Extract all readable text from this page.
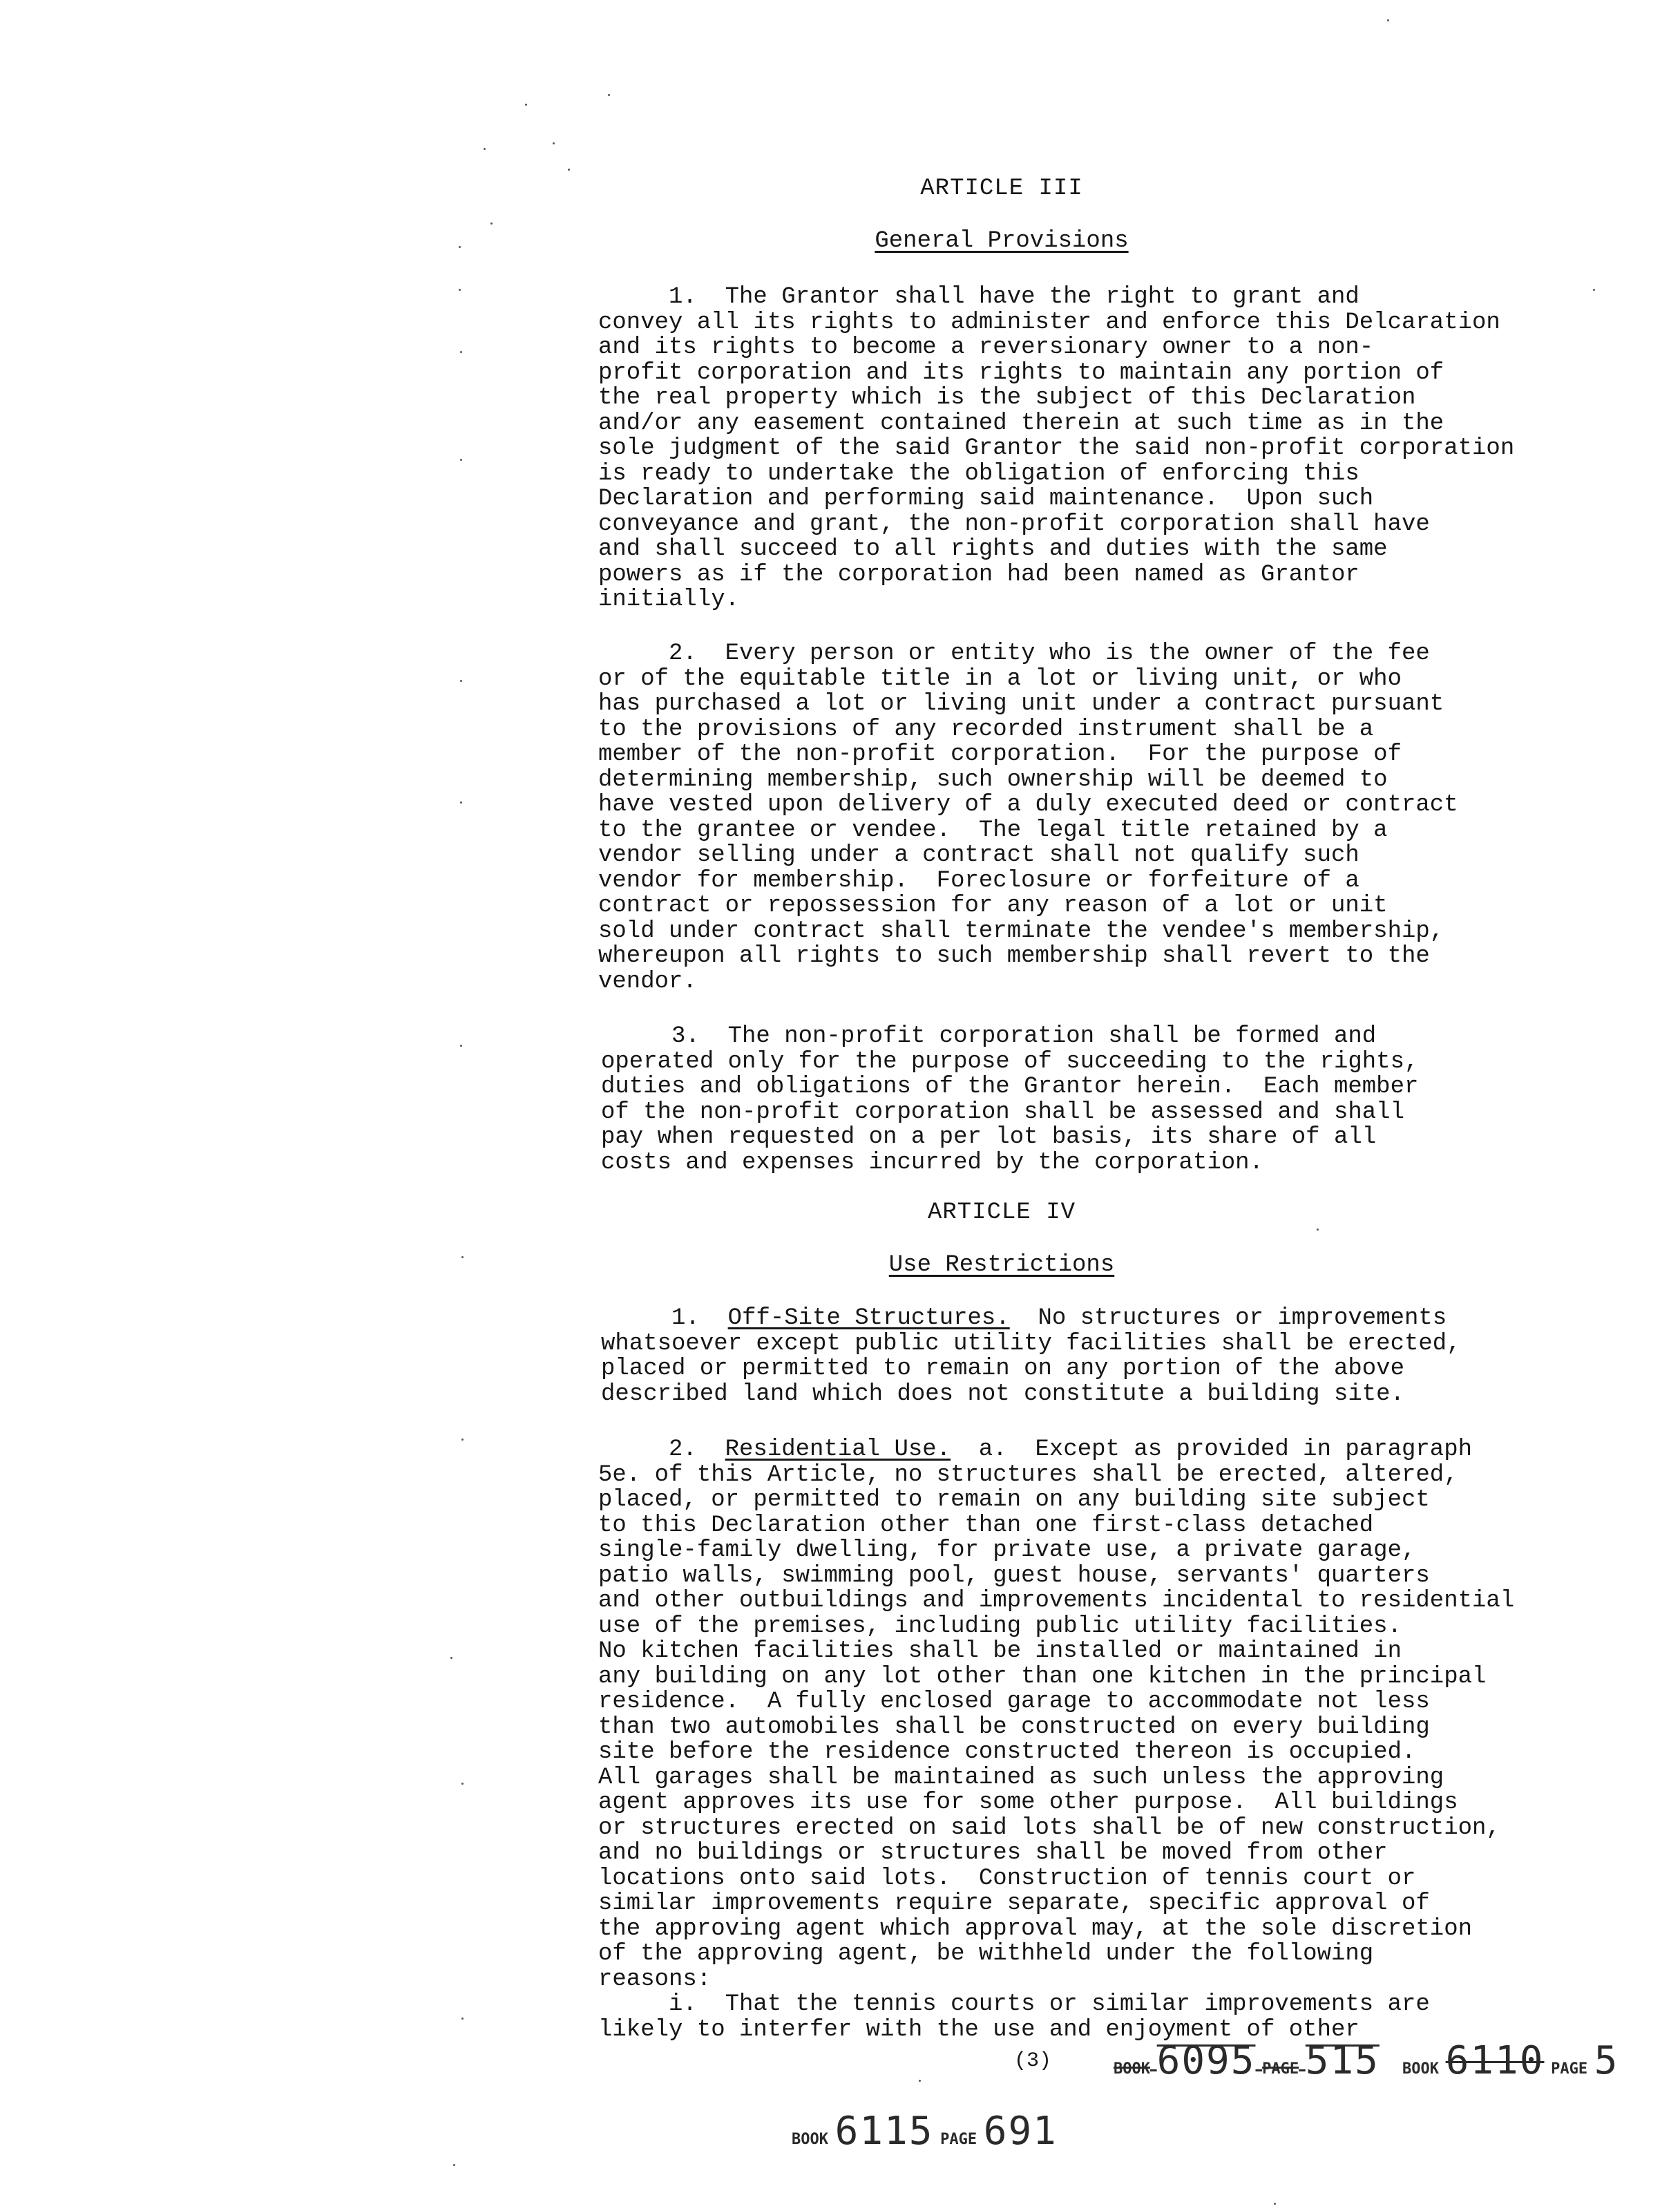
ARTICLE III
General Provisions
1.  The Grantor shall have the right to grant and
convey all its rights to administer and enforce this Delcaration
and its rights to become a reversionary owner to a non-
profit corporation and its rights to maintain any portion of
the real property which is the subject of this Declaration
and/or any easement contained therein at such time as in the
sole judgment of the said Grantor the said non-profit corporation
is ready to undertake the obligation of enforcing this
Declaration and performing said maintenance.  Upon such
conveyance and grant, the non-profit corporation shall have
and shall succeed to all rights and duties with the same
powers as if the corporation had been named as Grantor
initially.
2.  Every person or entity who is the owner of the fee
or of the equitable title in a lot or living unit, or who
has purchased a lot or living unit under a contract pursuant
to the provisions of any recorded instrument shall be a
member of the non-profit corporation.  For the purpose of
determining membership, such ownership will be deemed to
have vested upon delivery of a duly executed deed or contract
to the grantee or vendee.  The legal title retained by a
vendor selling under a contract shall not qualify such
vendor for membership.  Foreclosure or forfeiture of a
contract or repossession for any reason of a lot or unit
sold under contract shall terminate the vendee's membership,
whereupon all rights to such membership shall revert to the
vendor.
3.  The non-profit corporation shall be formed and
operated only for the purpose of succeeding to the rights,
duties and obligations of the Grantor herein.  Each member
of the non-profit corporation shall be assessed and shall
pay when requested on a per lot basis, its share of all
costs and expenses incurred by the corporation.
ARTICLE IV
Use Restrictions
1.  Off-Site Structures.  No structures or improvements
whatsoever except public utility facilities shall be erected,
placed or permitted to remain on any portion of the above
described land which does not constitute a building site.
2.  Residential Use.  a.  Except as provided in paragraph
5e. of this Article, no structures shall be erected, altered,
placed, or permitted to remain on any building site subject
to this Declaration other than one first-class detached
single-family dwelling, for private use, a private garage,
patio walls, swimming pool, guest house, servants' quarters
and other outbuildings and improvements incidental to residential
use of the premises, including public utility facilities.
No kitchen facilities shall be installed or maintained in
any building on any lot other than one kitchen in the principal
residence.  A fully enclosed garage to accommodate not less
than two automobiles shall be constructed on every building
site before the residence constructed thereon is occupied.
All garages shall be maintained as such unless the approving
agent approves its use for some other purpose.  All buildings
or structures erected on said lots shall be of new construction,
and no buildings or structures shall be moved from other
locations onto said lots.  Construction of tennis court or
similar improvements require separate, specific approval of
the approving agent which approval may, at the sole discretion
of the approving agent, be withheld under the following
reasons:
i.  That the tennis courts or similar improvements are
likely to interfer with the use and enjoyment of other
(3)
BOOK 6115 PAGE 691
BOOK 6095 PAGE 515 BOOK 6110 PAGE 5
